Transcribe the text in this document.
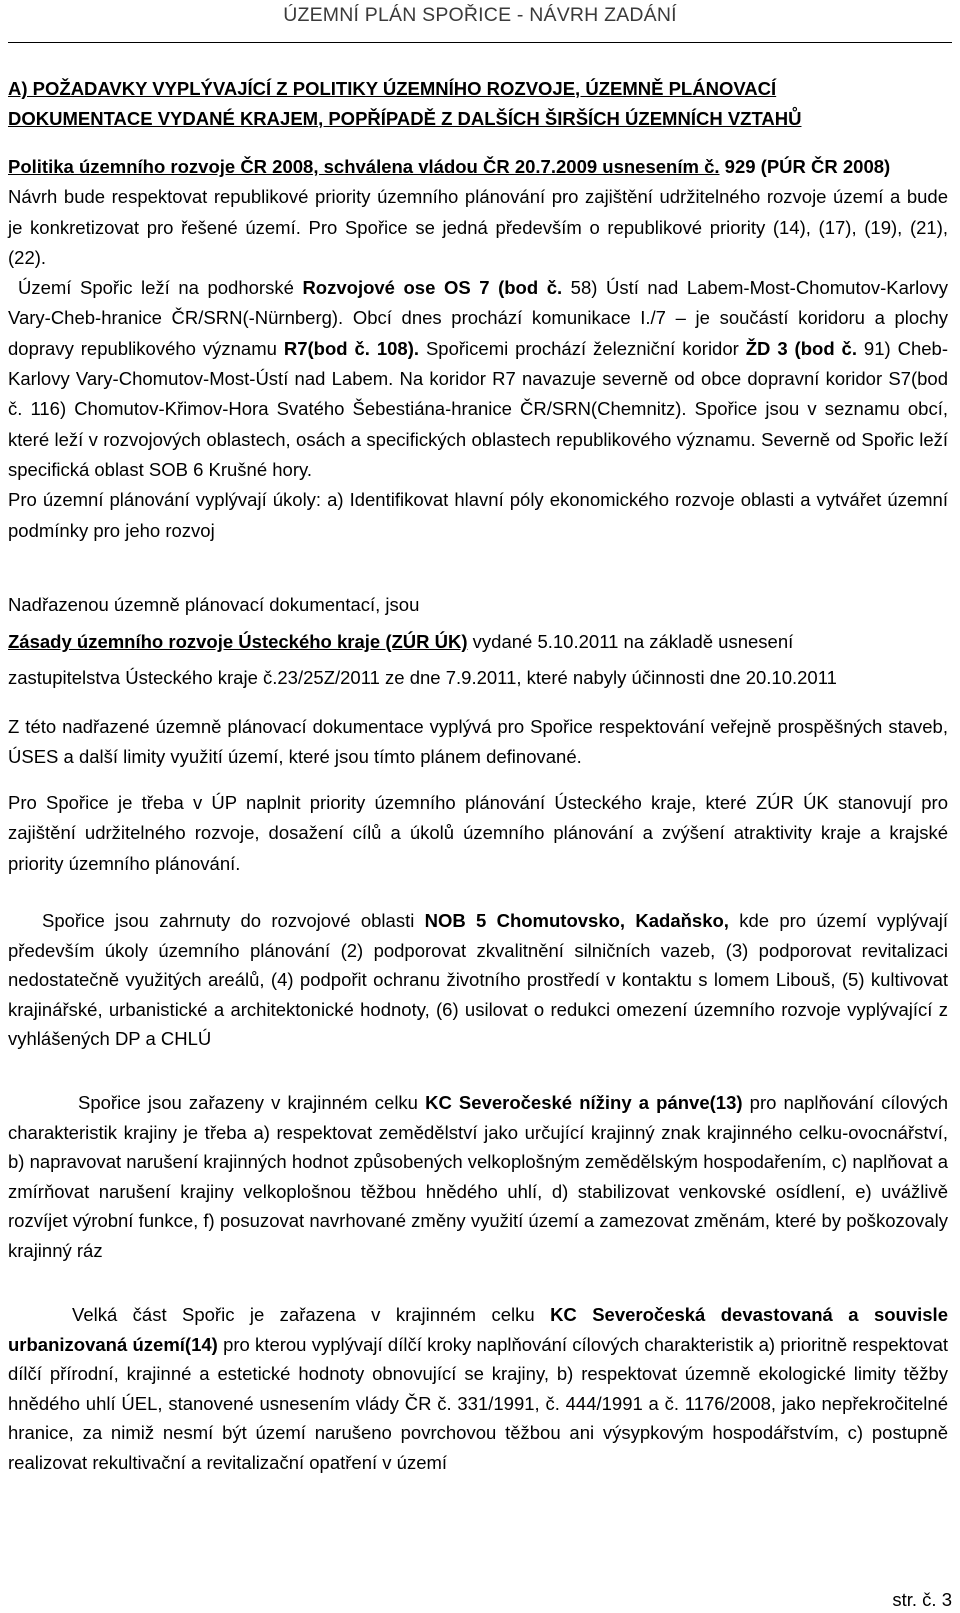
ÚZEMNÍ PLÁN SPOŘICE - NÁVRH ZADÁNÍ
A) POŽADAVKY VYPLÝVAJÍCÍ Z POLITIKY ÚZEMNÍHO ROZVOJE, ÚZEMNĚ PLÁNOVACÍ
DOKUMENTACE VYDANÉ KRAJEM, POPŘÍPADĚ Z DALŠÍCH ŠIRŠÍCH ÚZEMNÍCH VZTAHŮ
Politika územního rozvoje ČR 2008, schválena vládou ČR 20.7.2009 usnesením č. 929 (PÚR ČR 2008)
Návrh bude respektovat republikové priority územního plánování pro zajištění udržitelného rozvoje území a bude je konkretizovat pro řešené území. Pro Spořice se jedná především o republikové priority (14), (17), (19), (21), (22).
Území Spořic leží na podhorské Rozvojové ose OS 7 (bod č. 58) Ústí nad Labem-Most-Chomutov-Karlovy Vary-Cheb-hranice ČR/SRN(-Nürnberg). Obcí dnes prochází komunikace I./7 – je součástí koridoru a plochy dopravy republikového významu R7(bod č. 108). Spořicemi prochází železniční koridor ŽD 3 (bod č. 91) Cheb-Karlovy Vary-Chomutov-Most-Ústí nad Labem. Na koridor R7 navazuje severně od obce dopravní koridor S7(bod č. 116) Chomutov-Křimov-Hora Svatého Šebestiána-hranice ČR/SRN(Chemnitz). Spořice jsou v seznamu obcí, které leží v rozvojových oblastech, osách a specifických oblastech republikového významu. Severně od Spořic leží specifická oblast SOB 6 Krušné hory.
Pro územní plánování vyplývají úkoly: a) Identifikovat hlavní póly ekonomického rozvoje oblasti a vytvářet územní podmínky pro jeho rozvoj
Nadřazenou územně plánovací dokumentací, jsou
Zásady územního rozvoje Ústeckého kraje (ZÚR ÚK) vydané 5.10.2011 na základě usnesení
zastupitelstva Ústeckého kraje č.23/25Z/2011 ze dne 7.9.2011, které nabyly účinnosti dne 20.10.2011
Z této nadřazené územně plánovací dokumentace vyplývá pro Spořice respektování veřejně prospěšných staveb, ÚSES a další limity využití území, které jsou tímto plánem definované.
Pro Spořice je třeba v ÚP naplnit priority územního plánování Ústeckého kraje, které ZÚR ÚK stanovují pro zajištění udržitelného rozvoje, dosažení cílů a úkolů územního plánování a zvýšení atraktivity kraje a krajské priority územního plánování.
Spořice jsou zahrnuty do rozvojové oblasti NOB 5 Chomutovsko, Kadaňsko, kde pro území vyplývají především úkoly územního plánování (2) podporovat zkvalitnění silničních vazeb, (3) podporovat revitalizaci nedostatečně využitých areálů, (4) podpořit ochranu životního prostředí v kontaktu s lomem Libouš, (5) kultivovat krajinářské, urbanistické a architektonické hodnoty, (6) usilovat o redukci omezení územního rozvoje vyplývající z vyhlášených DP a CHLÚ
Spořice jsou zařazeny v krajinném celku KC Severočeské nížiny a pánve(13) pro naplňování cílových charakteristik krajiny je třeba a) respektovat zemědělství jako určující krajinný znak krajinného celku-ovocnářství, b) napravovat narušení krajinných hodnot způsobených velkoplošným zemědělským hospodařením, c) naplňovat a zmírňovat narušení krajiny velkoplošnou těžbou hnědého uhlí, d) stabilizovat venkovské osídlení, e) uvážlivě rozvíjet výrobní funkce, f) posuzovat navrhované změny využití území a zamezovat změnám, které by poškozovaly krajinný ráz
Velká část Spořic je zařazena v krajinném celku KC Severočeská devastovaná a souvisle urbanizovaná území(14) pro kterou vyplývají dílčí kroky naplňování cílových charakteristik a) prioritně respektovat dílčí přírodní, krajinné a estetické hodnoty obnovující se krajiny, b) respektovat územně ekologické limity těžby hnědého uhlí ÚEL, stanovené usnesením vlády ČR č. 331/1991, č. 444/1991 a č. 1176/2008, jako nepřekročitelné hranice, za nimiž nesmí být území narušeno povrchovou těžbou ani výsypkovým hospodářstvím, c) postupně realizovat rekultivační a revitalizační opatření v území
str. č. 3
